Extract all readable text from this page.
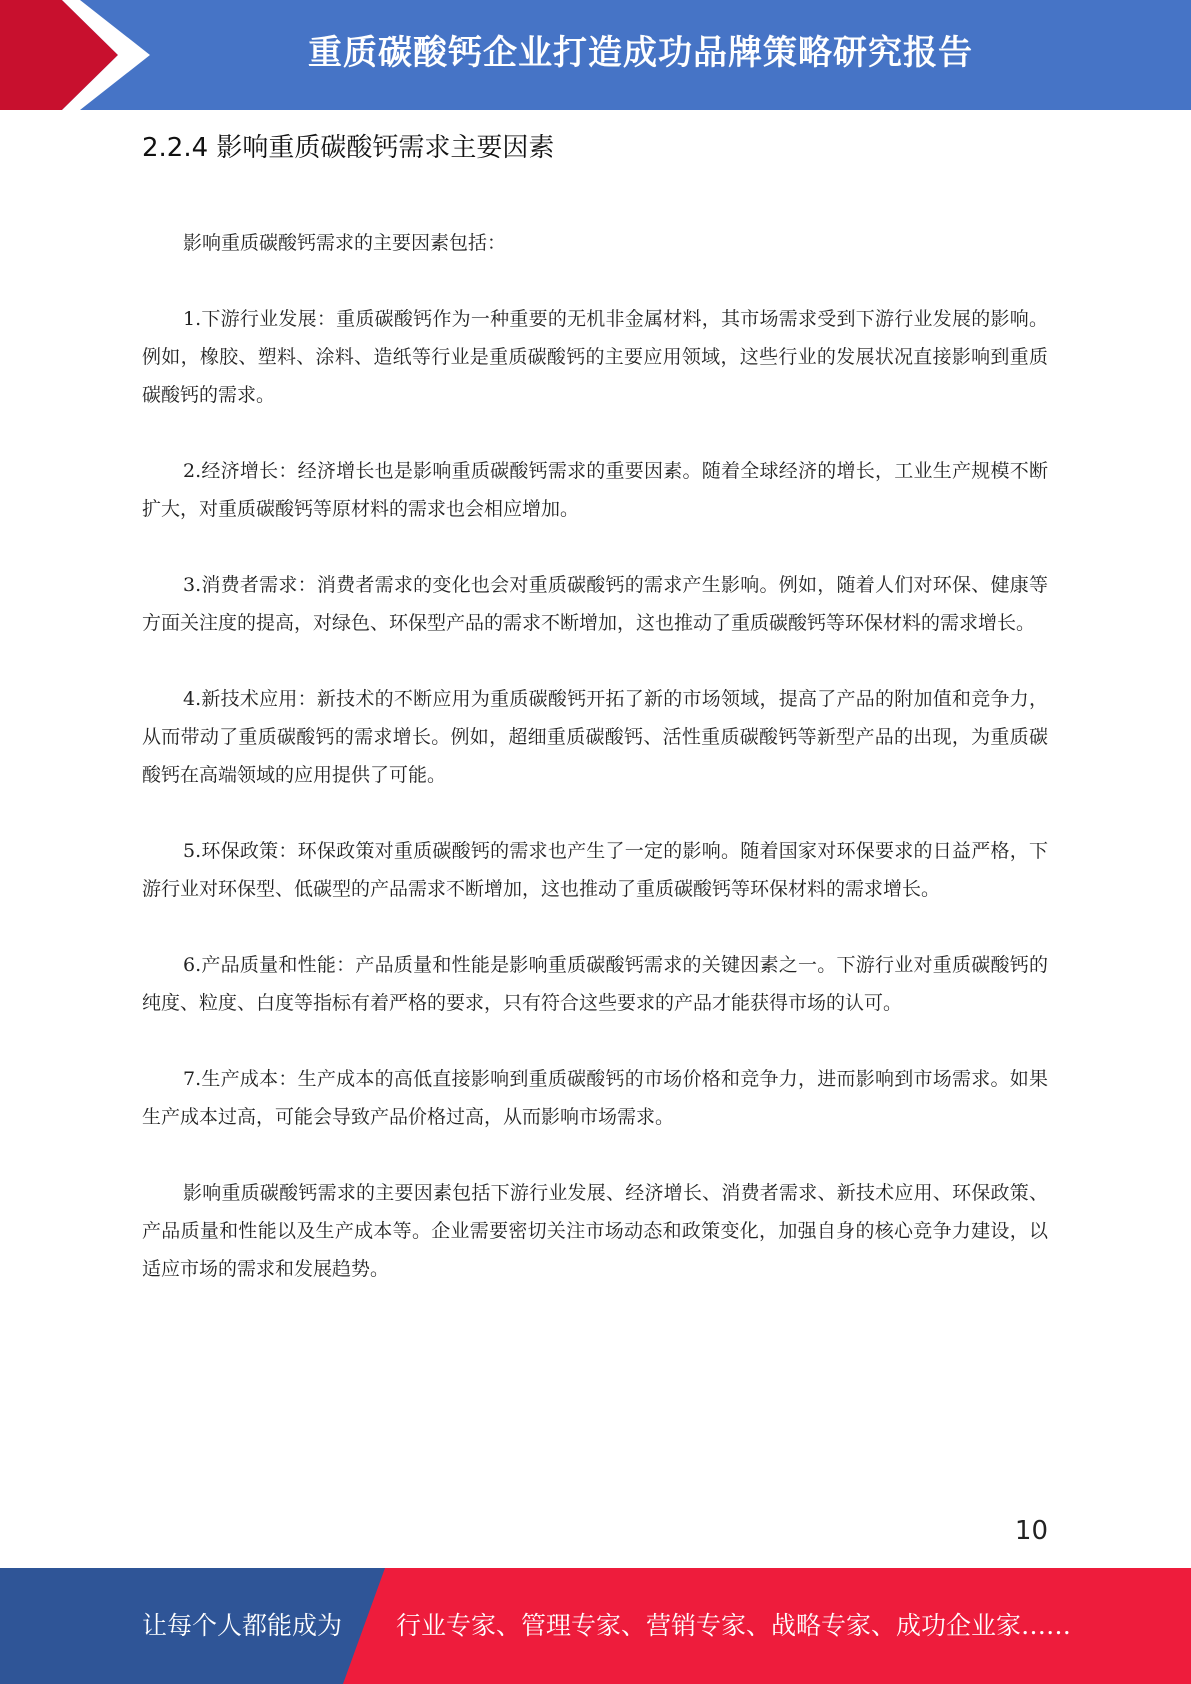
重质碳酸钙企业打造成功品牌策略研究报告
2.2.4 影响重质碳酸钙需求主要因素

影响重质碳酸钙需求的主要因素包括：

1.下游行业发展：重质碳酸钙作为一种重要的无机非金属材料，其市场需求受到下游行业发展的影响。例如，橡胶、塑料、涂料、造纸等行业是重质碳酸钙的主要应用领域，这些行业的发展状况直接影响到重质碳酸钙的需求。

2.经济增长：经济增长也是影响重质碳酸钙需求的重要因素。随着全球经济的增长，工业生产规模不断扩大，对重质碳酸钙等原材料的需求也会相应增加。

3.消费者需求：消费者需求的变化也会对重质碳酸钙的需求产生影响。例如，随着人们对环保、健康等方面关注度的提高，对绿色、环保型产品的需求不断增加，这也推动了重质碳酸钙等环保材料的需求增长。

4.新技术应用：新技术的不断应用为重质碳酸钙开拓了新的市场领域，提高了产品的附加值和竞争力，从而带动了重质碳酸钙的需求增长。例如，超细重质碳酸钙、活性重质碳酸钙等新型产品的出现，为重质碳酸钙在高端领域的应用提供了可能。

5.环保政策：环保政策对重质碳酸钙的需求也产生了一定的影响。随着国家对环保要求的日益严格，下游行业对环保型、低碳型的产品需求不断增加，这也推动了重质碳酸钙等环保材料的需求增长。

6.产品质量和性能：产品质量和性能是影响重质碳酸钙需求的关键因素之一。下游行业对重质碳酸钙的纯度、粒度、白度等指标有着严格的要求，只有符合这些要求的产品才能获得市场的认可。

7.生产成本：生产成本的高低直接影响到重质碳酸钙的市场价格和竞争力，进而影响到市场需求。如果生产成本过高，可能会导致产品价格过高，从而影响市场需求。

影响重质碳酸钙需求的主要因素包括下游行业发展、经济增长、消费者需求、新技术应用、环保政策、产品质量和性能以及生产成本等。企业需要密切关注市场动态和政策变化，加强自身的核心竞争力建设，以适应市场的需求和发展趋势。

10
让每个人都能成为 行业专家、管理专家、营销专家、战略专家、成功企业家……
